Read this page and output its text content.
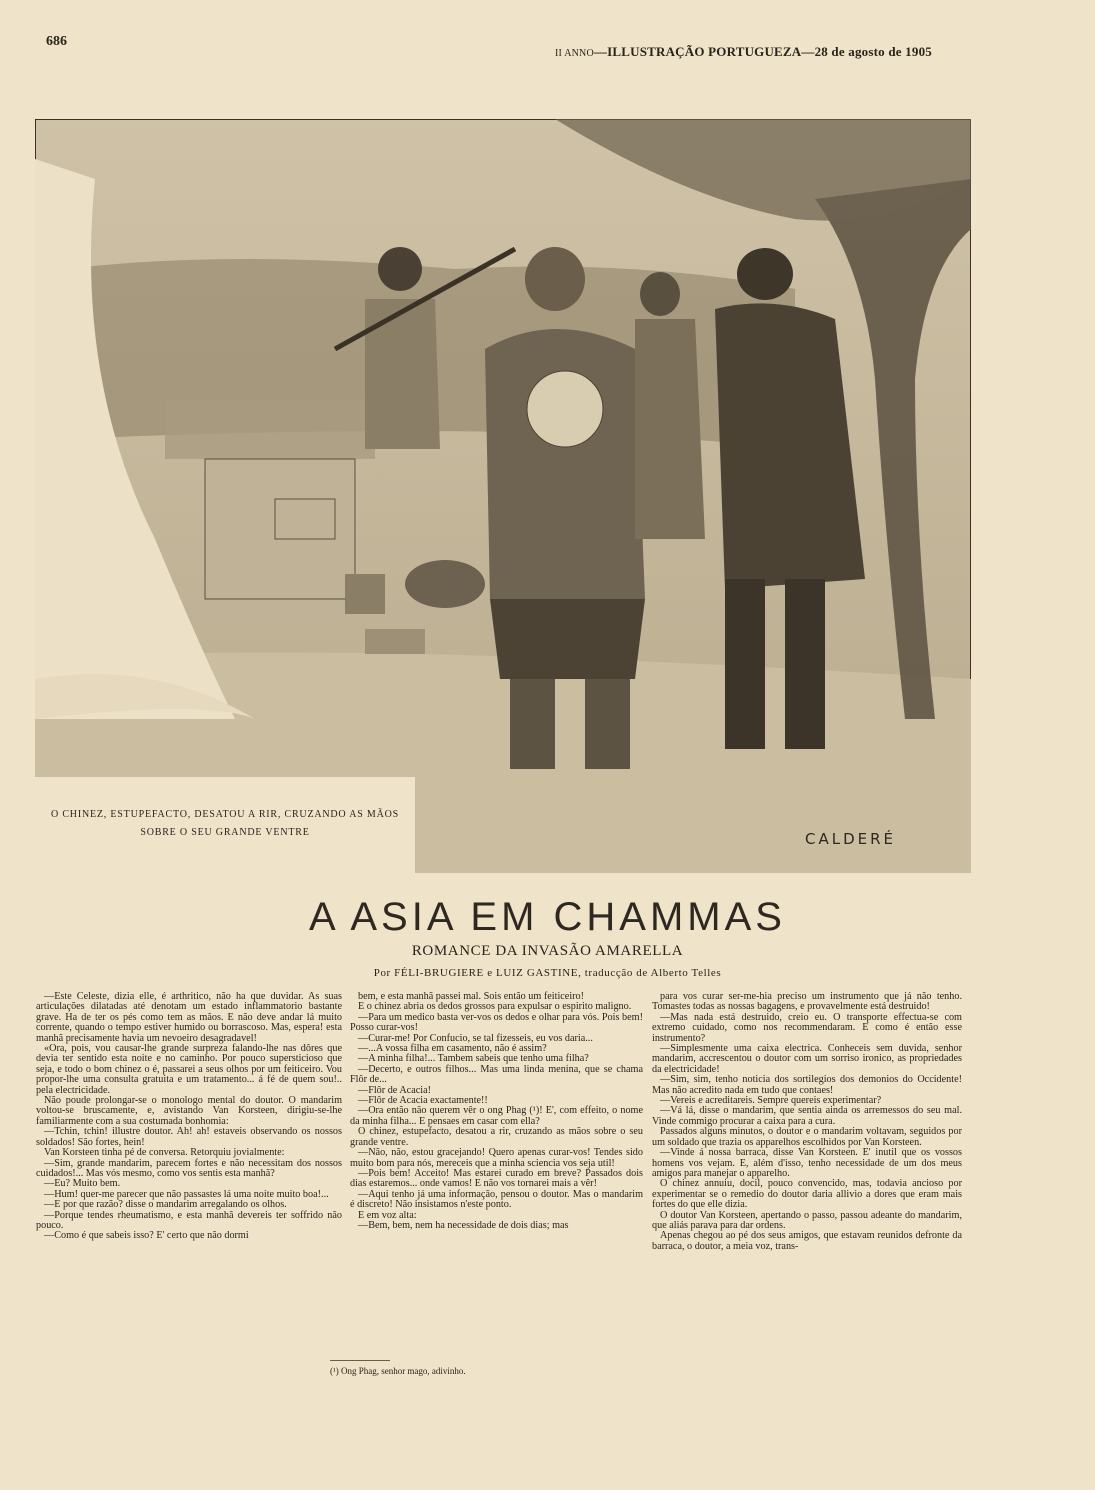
686
II ANNO—ILLUSTRAÇÃO PORTUGUEZA—28 de agosto de 1905
CALDERÉ
O CHINEZ, ESTUPEFACTO, DESATOU A RIR, CRUZANDO AS MÃOS
SOBRE O SEU GRANDE VENTRE
A ASIA EM CHAMMAS
ROMANCE DA INVASÃO AMARELLA
Por FÉLI-BRUGIERE e LUIZ GASTINE, traducção de Alberto Telles

—Este Celeste, dizia elle, é arthritico, não ha que duvidar. As suas articulações dilatadas até denotam um estado inflammatorio bastante grave. Ha de ter os pés como tem as mãos. E não deve andar lá muito corrente, quando o tempo estiver humido ou borrascoso. Mas, espera! esta manhã precisamente havia um nevoeiro desagradavel!

«Ora, pois, vou causar-lhe grande surpreza falando-lhe nas dôres que devia ter sentido esta noite e no caminho. Por pouco supersticioso que seja, e todo o bom chinez o é, passarei a seus olhos por um feiticeiro. Vou propor-lhe uma consulta gratuita e um tratamento... á fé de quem sou!.. pela electricidade.

Não poude prolongar-se o monologo mental do doutor. O mandarim voltou-se bruscamente, e, avistando Van Korsteen, dirigiu-se-lhe familiarmente com a sua costumada bonhomia:

—Tchin, tchin! illustre doutor. Ah! ah! estaveis observando os nossos soldados! São fortes, hein!

Van Korsteen tinha pé de conversa. Retorquiu jovialmente:

—Sim, grande mandarim, parecem fortes e não necessitam dos nossos cuidados!... Mas vós mesmo, como vos sentis esta manhã?

—Eu? Muito bem.

—Hum! quer-me parecer que não passastes lá uma noite muito boa!...

—E por que razão? disse o mandarim arregalando os olhos.

—Porque tendes rheumatismo, e esta manhã devereis ter soffrido não pouco.

—Como é que sabeis isso? E' certo que não dormi

bem, e esta manhã passei mal. Sois então um feiticeiro!

E o chinez abria os dedos grossos para expulsar o espirito maligno.

—Para um medico basta ver-vos os dedos e olhar para vós. Pois bem! Posso curar-vos!

—Curar-me! Por Confucio, se tal fizesseis, eu vos daria...

—...A vossa filha em casamento, não é assim?

—A minha filha!... Tambem sabeis que tenho uma filha?

—Decerto, e outros filhos... Mas uma linda menina, que se chama Flôr de...

—Flôr de Acacia!

—Flôr de Acacia exactamente!!

—Ora então não querem vêr o ong Phag (¹)! E', com effeito, o nome da minha filha... E pensaes em casar com ella?

O chinez, estupefacto, desatou a rir, cruzando as mãos sobre o seu grande ventre.

—Não, não, estou gracejando! Quero apenas curar-vos! Tendes sido muito bom para nós, mereceis que a minha sciencia vos seja util!

—Pois bem! Acceito! Mas estarei curado em breve? Passados dois dias estaremos... onde vamos! E não vos tornarei mais a vêr!

—Aqui tenho já uma informação, pensou o doutor. Mas o mandarim é discreto! Não insistamos n'este ponto.

E em voz alta:

—Bem, bem, nem ha necessidade de dois dias; mas

para vos curar ser-me-hia preciso um instrumento que já não tenho. Tomastes todas as nossas bagagens, e provavelmente está destruido!

—Mas nada está destruido, creio eu. O transporte effectua-se com extremo cuidado, como nos recommendaram. E como é então esse instrumento?

—Simplesmente uma caixa electrica. Conheceis sem duvida, senhor mandarim, accrescentou o doutor com um sorriso ironico, as propriedades da electricidade!

—Sim, sim, tenho noticia dos sortilegios dos demonios do Occidente! Mas não acredito nada em tudo que contaes!

—Vereis e acreditareis. Sempre quereis experimentar?

—Vá lá, disse o mandarim, que sentia ainda os arremessos do seu mal. Vinde commigo procurar a caixa para a cura.

Passados alguns minutos, o doutor e o mandarim voltavam, seguidos por um soldado que trazia os apparelhos escolhidos por Van Korsteen.

—Vinde á nossa barraca, disse Van Korsteen. E' inutil que os vossos homens vos vejam. E, além d'isso, tenho necessidade de um dos meus amigos para manejar o apparelho.

O chinez annuiu, docil, pouco convencido, mas, todavia ancioso por experimentar se o remedio do doutor daria allivio a dores que eram mais fortes do que elle dizia.

O doutor Van Korsteen, apertando o passo, passou adeante do mandarim, que aliás parava para dar ordens.

Apenas chegou ao pé dos seus amigos, que estavam reunidos defronte da barraca, o doutor, a meia voz, trans-

(¹) Ong Phag, senhor mago, adivinho.
